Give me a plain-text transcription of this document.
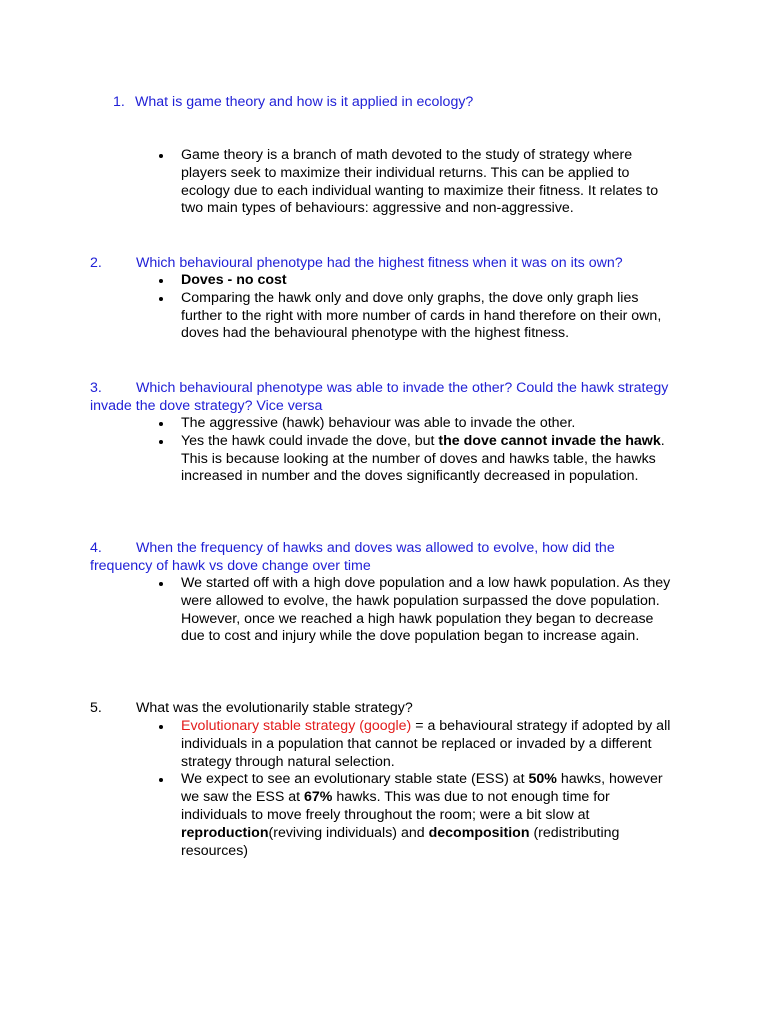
1. What is game theory and how is it applied in ecology?

Game theory is a branch of math devoted to the study of strategy where players seek to maximize their individual returns. This can be applied to ecology due to each individual wanting to maximize their fitness. It relates to two main types of behaviours: aggressive and non-aggressive.

2. Which behavioural phenotype had the highest fitness when it was on its own?

Doves - no cost
Comparing the hawk only and dove only graphs, the dove only graph lies further to the right with more number of cards in hand therefore on their own, doves had the behavioural phenotype with the highest fitness.

3. Which behavioural phenotype was able to invade the other? Could the hawk strategy invade the dove strategy? Vice versa

The aggressive (hawk) behaviour was able to invade the other.
Yes the hawk could invade the dove, but the dove cannot invade the hawk. This is because looking at the number of doves and hawks table, the hawks increased in number and the doves significantly decreased in population.

4. When the frequency of hawks and doves was allowed to evolve, how did the frequency of hawk vs dove change over time

We started off with a high dove population and a low hawk population. As they were allowed to evolve, the hawk population surpassed the dove population. However, once we reached a high hawk population they began to decrease due to cost and injury while the dove population began to increase again.

5. What was the evolutionarily stable strategy?

Evolutionary stable strategy (google) = a behavioural strategy if adopted by all individuals in a population that cannot be replaced or invaded by a different strategy through natural selection.
We expect to see an evolutionary stable state (ESS) at 50% hawks, however we saw the ESS at 67% hawks. This was due to not enough time for individuals to move freely throughout the room; were a bit slow at reproduction(reviving individuals) and decomposition (redistributing resources)
